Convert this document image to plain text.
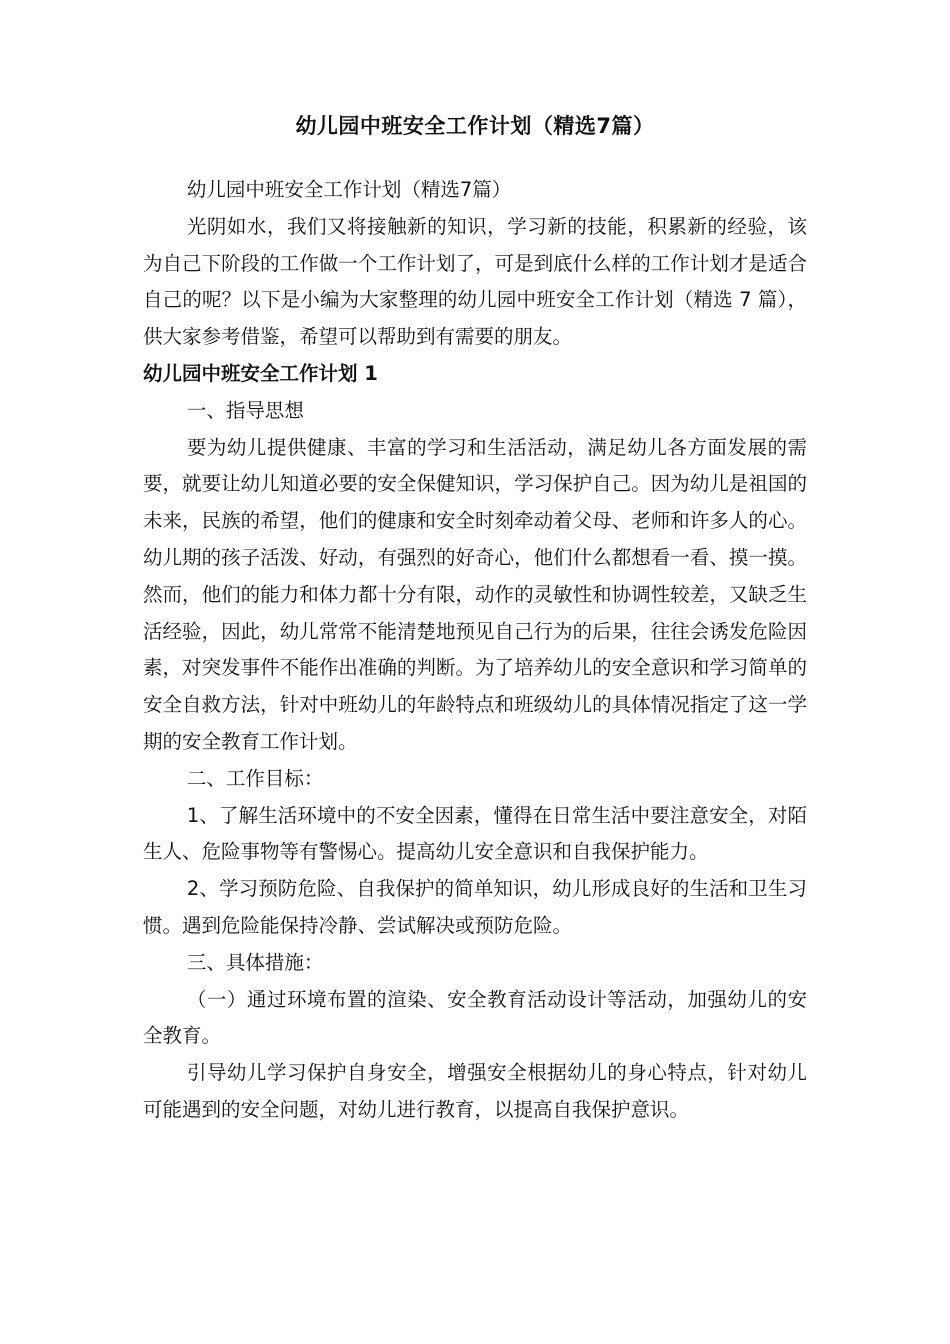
幼儿园中班安全工作计划（精选7篇）

幼儿园中班安全工作计划（精选7篇）

光阴如水，我们又将接触新的知识，学习新的技能，积累新的经验，该为自己下阶段的工作做一个工作计划了，可是到底什么样的工作计划才是适合自己的呢？以下是小编为大家整理的幼儿园中班安全工作计划（精选 7 篇），供大家参考借鉴，希望可以帮助到有需要的朋友。

幼儿园中班安全工作计划 1

一、指导思想

要为幼儿提供健康、丰富的学习和生活活动，满足幼儿各方面发展的需要，就要让幼儿知道必要的安全保健知识，学习保护自己。因为幼儿是祖国的未来，民族的希望，他们的健康和安全时刻牵动着父母、老师和许多人的心。幼儿期的孩子活泼、好动，有强烈的好奇心，他们什么都想看一看、摸一摸。然而，他们的能力和体力都十分有限，动作的灵敏性和协调性较差，又缺乏生活经验，因此，幼儿常常不能清楚地预见自己行为的后果，往往会诱发危险因素，对突发事件不能作出准确的判断。为了培养幼儿的安全意识和学习简单的安全自救方法，针对中班幼儿的年龄特点和班级幼儿的具体情况指定了这一学期的安全教育工作计划。

二、工作目标：

1、了解生活环境中的不安全因素，懂得在日常生活中要注意安全，对陌生人、危险事物等有警惕心。提高幼儿安全意识和自我保护能力。

2、学习预防危险、自我保护的简单知识，幼儿形成良好的生活和卫生习惯。遇到危险能保持冷静、尝试解决或预防危险。

三、具体措施：

（一）通过环境布置的渲染、安全教育活动设计等活动，加强幼儿的安全教育。

引导幼儿学习保护自身安全，增强安全根据幼儿的身心特点，针对幼儿可能遇到的安全问题，对幼儿进行教育，以提高自我保护意识。
